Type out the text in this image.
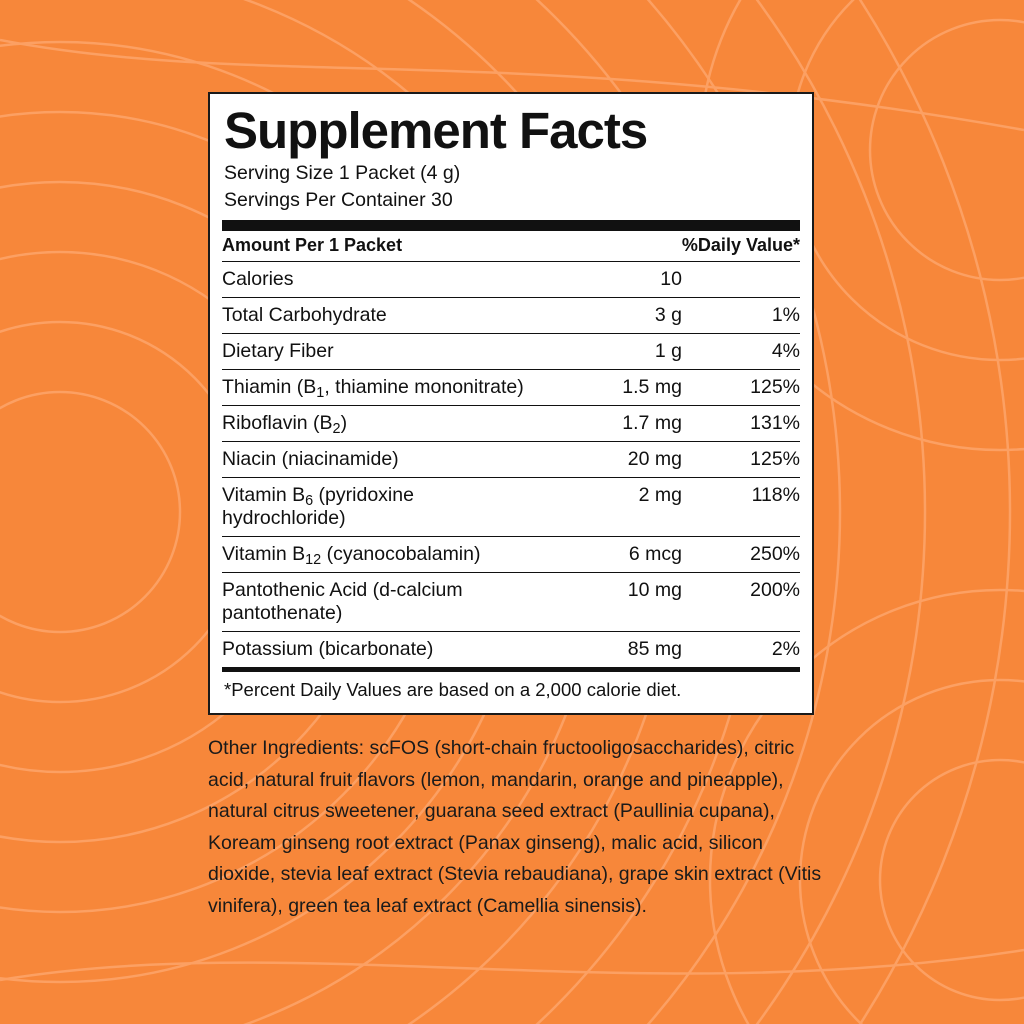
Supplement Facts
Serving Size 1 Packet (4 g)
Servings Per Container 30
Amount Per 1 Packet		%Daily Value*
Calories	10	
Total Carbohydrate	3 g	1%
Dietary Fiber	1 g	4%
Thiamin ($B_1$, thiamine mononitrate)	1.5 mg	125%
Riboflavin $(B_2)$	1.7 mg	131%
Niacin (niacinamide)	20 mg	125%
Vitamin $B_6$ (pyridoxine hydrochloride)	2 mg	118%
Vitamin $B_{12}$ (cyanocobalamin)	6 mcg	250%
Pantothenic Acid (d-calcium pantothenate)	10 mg	200%
Potassium (bicarbonate)	85 mg	2%
*Percent Daily Values are based on a 2,000 calorie diet.
Other Ingredients: scFOS (short-chain fructooligosaccharides), citric acid, natural fruit flavors (lemon, mandarin, orange and pineapple), natural citrus sweetener, guarana seed extract (Paullinia cupana), Koream ginseng root extract (Panax ginseng), malic acid, silicon dioxide, stevia leaf extract (Stevia rebaudiana), grape skin extract (Vitis vinifera), green tea leaf extract (Camellia sinensis).
